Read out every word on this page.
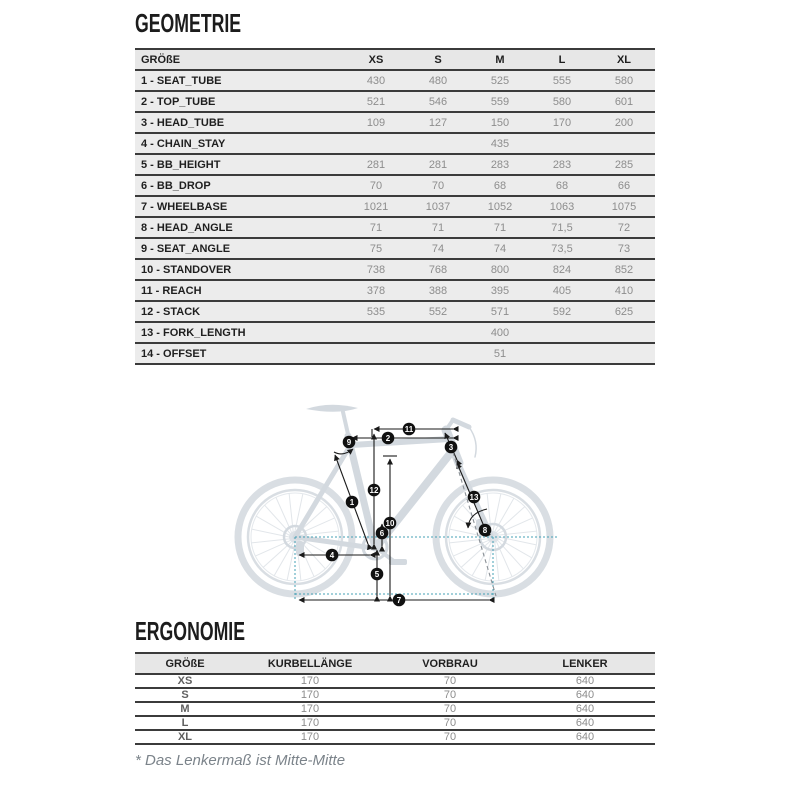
GEOMETRIE
GRÖßE	XS	S	M	L	XL
1 - SEAT_TUBE	430	480	525	555	580
2 - TOP_TUBE	521	546	559	580	601
3 - HEAD_TUBE	109	127	150	170	200
4 - CHAIN_STAY			435		
5 - BB_HEIGHT	281	281	283	283	285
6 - BB_DROP	70	70	68	68	66
7 - WHEELBASE	1021	1037	1052	1063	1075
8 - HEAD_ANGLE	71	71	71	71,5	72
9 - SEAT_ANGLE	75	74	74	73,5	73
10 - STANDOVER	738	768	800	824	852
11 - REACH	378	388	395	405	410
12 - STACK	535	552	571	592	625
13 - FORK_LENGTH			400		
14 - OFFSET			51		
1
2
3
4
5
6
7
8
9
10
11
12
13
ERGONOMIE
GRÖßE	KURBELLÄNGE	VORBRAU	LENKER
XS	170	70	640
S	170	70	640
M	170	70	640
L	170	70	640
XL	170	70	640
* Das Lenkermaß ist Mitte-Mitte
